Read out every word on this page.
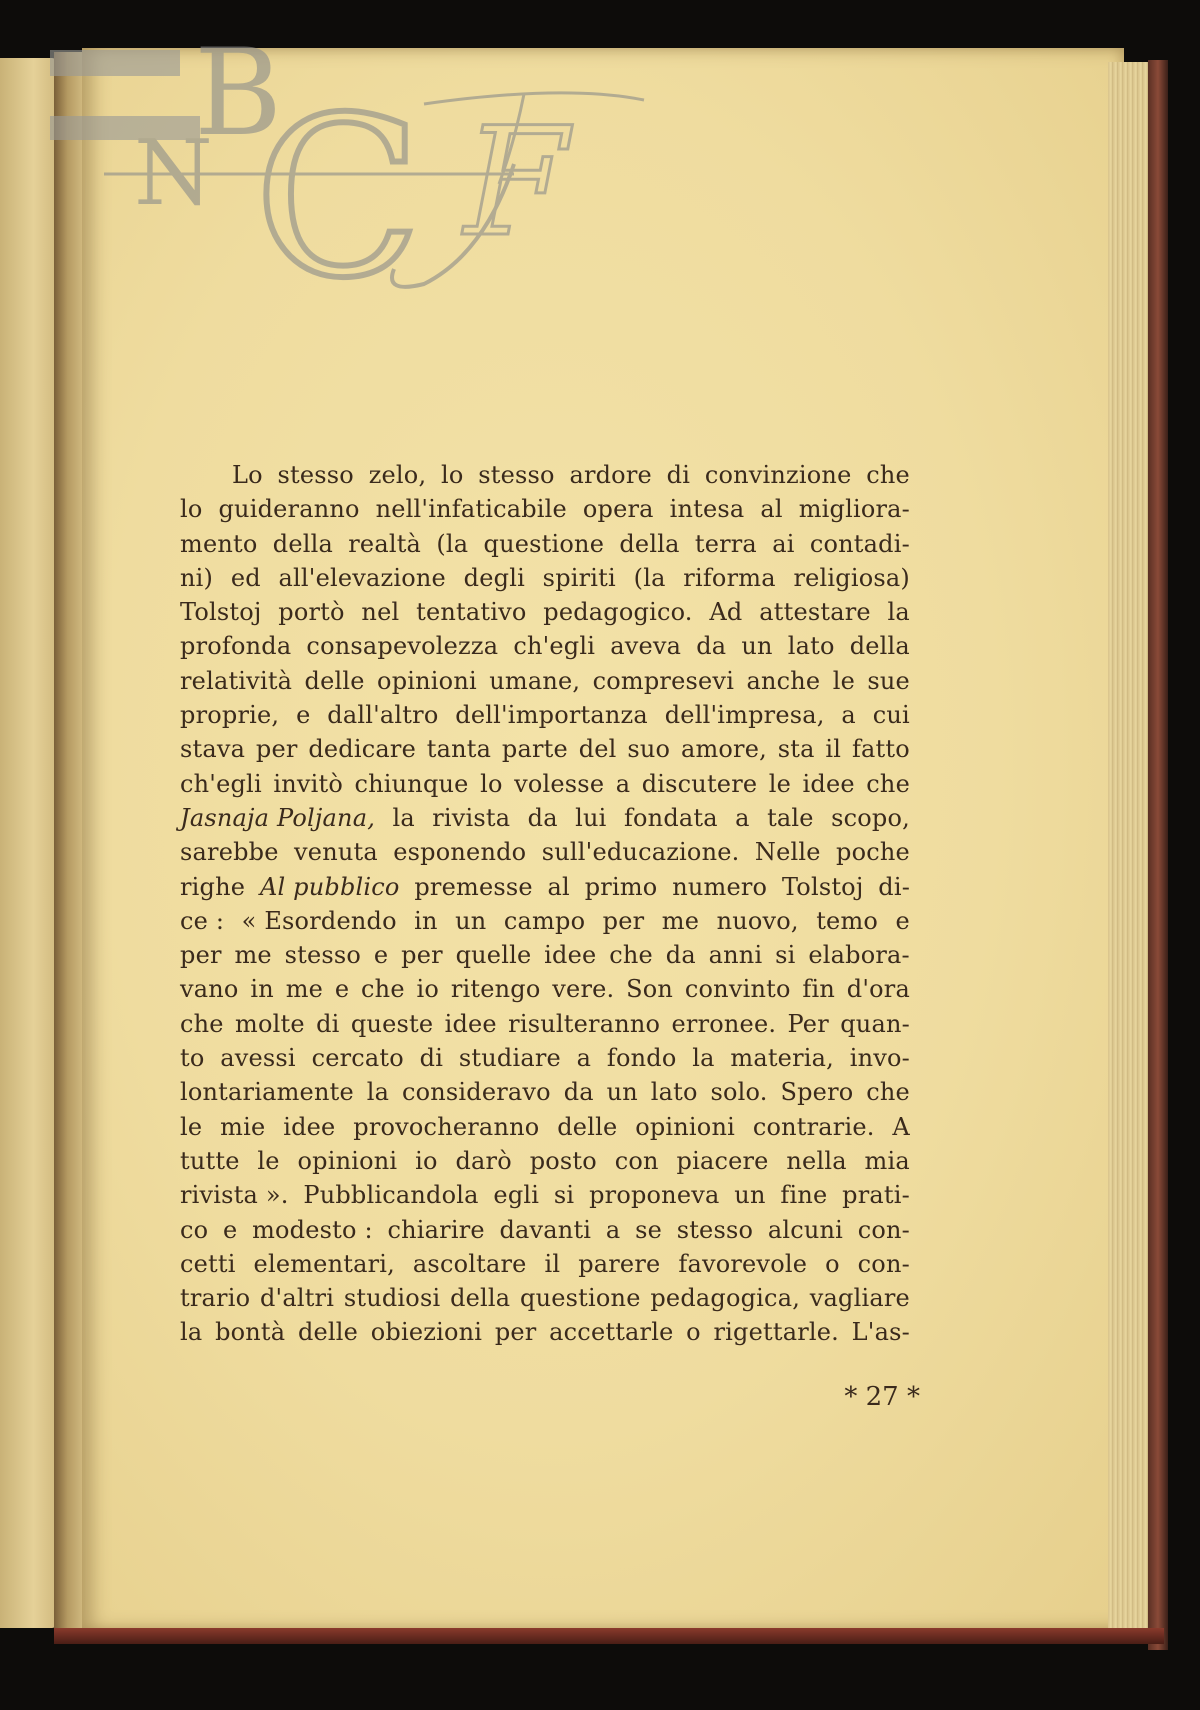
B
N C F
Lo stesso zelo, lo stesso ardore di convinzione che
lo guideranno nell'infaticabile opera intesa al migliora-
mento della realtà (la questione della terra ai contadi-
ni) ed all'elevazione degli spiriti (la riforma religiosa)
Tolstoj portò nel tentativo pedagogico. Ad attestare la
profonda consapevolezza ch'egli aveva da un lato della
relatività delle opinioni umane, compresevi anche le sue
proprie, e dall'altro dell'importanza dell'impresa, a cui
stava per dedicare tanta parte del suo amore, sta il fatto
ch'egli invitò chiunque lo volesse a discutere le idee che
Jasnaja Poljana, la rivista da lui fondata a tale scopo,
sarebbe venuta esponendo sull'educazione. Nelle poche
righe Al pubblico premesse al primo numero Tolstoj di-
ce : « Esordendo in un campo per me nuovo, temo e
per me stesso e per quelle idee che da anni si elabora-
vano in me e che io ritengo vere. Son convinto fin d'ora
che molte di queste idee risulteranno erronee. Per quan-
to avessi cercato di studiare a fondo la materia, invo-
lontariamente la consideravo da un lato solo. Spero che
le mie idee provocheranno delle opinioni contrarie. A
tutte le opinioni io darò posto con piacere nella mia
rivista ». Pubblicandola egli si proponeva un fine prati-
co e modesto : chiarire davanti a se stesso alcuni con-
cetti elementari, ascoltare il parere favorevole o con-
trario d'altri studiosi della questione pedagogica, vagliare
la bontà delle obiezioni per accettarle o rigettarle. L'as-
* 27 *
